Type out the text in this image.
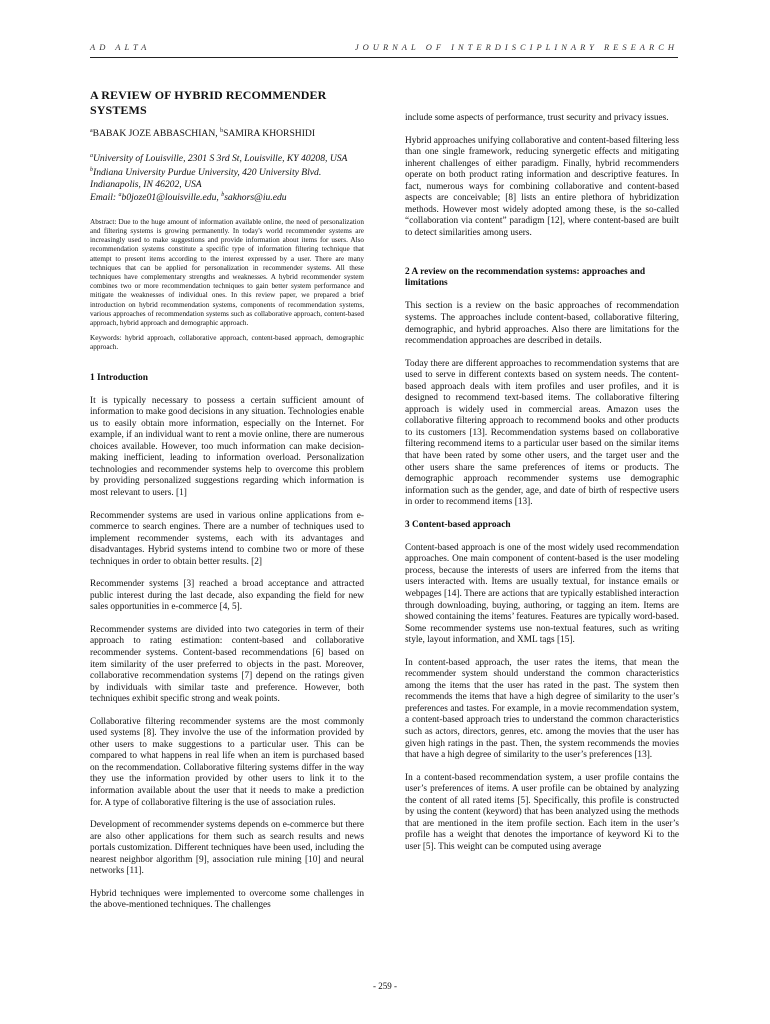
AD ALTA	JOURNAL OF INTERDISCIPLINARY RESEARCH
A REVIEW OF HYBRID RECOMMENDER SYSTEMS
$^a$BABAK JOZE ABBASCHIAN, $^b$SAMIRA KHORSHIDI
$^a$University of Louisville, 2301 S 3rd St, Louisville, KY 40208, USA
$^b$Indiana University Purdue University, 420 University Blvd. Indianapolis, IN 46202, USA
Email: $^a$b0joze01@louisville.edu, $^b$sakhors@iu.edu
Abstract: Due to the huge amount of information available online, the need of personalization and filtering systems is growing permanently. In today's world recommender systems are increasingly used to make suggestions and provide information about items for users. Also recommendation systems constitute a specific type of information filtering technique that attempt to present items according to the interest expressed by a user. There are many techniques that can be applied for personalization in recommender systems. All these techniques have complementary strengths and weaknesses. A hybrid recommender system combines two or more recommendation techniques to gain better system performance and mitigate the weaknesses of individual ones. In this review paper, we prepared a brief introduction on hybrid recommendation systems, components of recommendation systems, various approaches of recommendation systems such as collaborative approach, content-based approach, hybrid approach and demographic approach.
Keywords: hybrid approach, collaborative approach, content-based approach, demographic approach.
1 Introduction

It is typically necessary to possess a certain sufficient amount of information to make good decisions in any situation. Technologies enable us to easily obtain more information, especially on the Internet. For example, if an individual want to rent a movie online, there are numerous choices available. However, too much information can make decision-making inefficient, leading to information overload. Personalization technologies and recommender systems help to overcome this problem by providing personalized suggestions regarding which information is most relevant to users. [1]

Recommender systems are used in various online applications from e-commerce to search engines. There are a number of techniques used to implement recommender systems, each with its advantages and disadvantages. Hybrid systems intend to combine two or more of these techniques in order to obtain better results. [2]

Recommender systems [3] reached a broad acceptance and attracted public interest during the last decade, also expanding the field for new sales opportunities in e-commerce [4, 5].

Recommender systems are divided into two categories in term of their approach to rating estimation: content-based and collaborative recommender systems. Content-based recommendations [6] based on item similarity of the user preferred to objects in the past. Moreover, collaborative recommendation systems [7] depend on the ratings given by individuals with similar taste and preference. However, both techniques exhibit specific strong and weak points.

Collaborative filtering recommender systems are the most commonly used systems [8]. They involve the use of the information provided by other users to make suggestions to a particular user. This can be compared to what happens in real life when an item is purchased based on the recommendation. Collaborative filtering systems differ in the way they use the information provided by other users to link it to the information available about the user that it needs to make a prediction for. A type of collaborative filtering is the use of association rules.

Development of recommender systems depends on e-commerce but there are also other applications for them such as search results and news portals customization. Different techniques have been used, including the nearest neighbor algorithm [9], association rule mining [10] and neural networks [11].

Hybrid techniques were implemented to overcome some challenges in the above-mentioned techniques. The challenges

include some aspects of performance, trust security and privacy issues.

Hybrid approaches unifying collaborative and content-based filtering less than one single framework, reducing synergetic effects and mitigating inherent challenges of either paradigm. Finally, hybrid recommenders operate on both product rating information and descriptive features. In fact, numerous ways for combining collaborative and content-based aspects are conceivable; [8] lists an entire plethora of hybridization methods. However most widely adopted among these, is the so-called “collaboration via content” paradigm [12], where content-based are built to detect similarities among users.

2 A review on the recommendation systems: approaches and limitations

This section is a review on the basic approaches of recommendation systems. The approaches include content-based, collaborative filtering, demographic, and hybrid approaches. Also there are limitations for the recommendation approaches are described in details.

Today there are different approaches to recommendation systems that are used to serve in different contexts based on system needs. The content-based approach deals with item profiles and user profiles, and it is designed to recommend text-based items. The collaborative filtering approach is widely used in commercial areas. Amazon uses the collaborative filtering approach to recommend books and other products to its customers [13]. Recommendation systems based on collaborative filtering recommend items to a particular user based on the similar items that have been rated by some other users, and the target user and the other users share the same preferences of items or products. The demographic approach recommender systems use demographic information such as the gender, age, and date of birth of respective users in order to recommend items [13].

3 Content-based approach

Content-based approach is one of the most widely used recommendation approaches. One main component of content-based is the user modeling process, because the interests of users are inferred from the items that users interacted with. Items are usually textual, for instance emails or webpages [14]. There are actions that are typically established interaction through downloading, buying, authoring, or tagging an item. Items are showed containing the items’ features. Features are typically word-based. Some recommender systems use non-textual features, such as writing style, layout information, and XML tags [15].

In content-based approach, the user rates the items, that mean the recommender system should understand the common characteristics among the items that the user has rated in the past. The system then recommends the items that have a high degree of similarity to the user’s preferences and tastes. For example, in a movie recommendation system, a content-based approach tries to understand the common characteristics such as actors, directors, genres, etc. among the movies that the user has given high ratings in the past. Then, the system recommends the movies that have a high degree of similarity to the user’s preferences [13].

In a content-based recommendation system, a user profile contains the user’s preferences of items. A user profile can be obtained by analyzing the content of all rated items [5]. Specifically, this profile is constructed by using the content (keyword) that has been analyzed using the methods that are mentioned in the item profile section. Each item in the user’s profile has a weight that denotes the importance of keyword Ki to the user [5]. This weight can be computed using average

- 259 -
